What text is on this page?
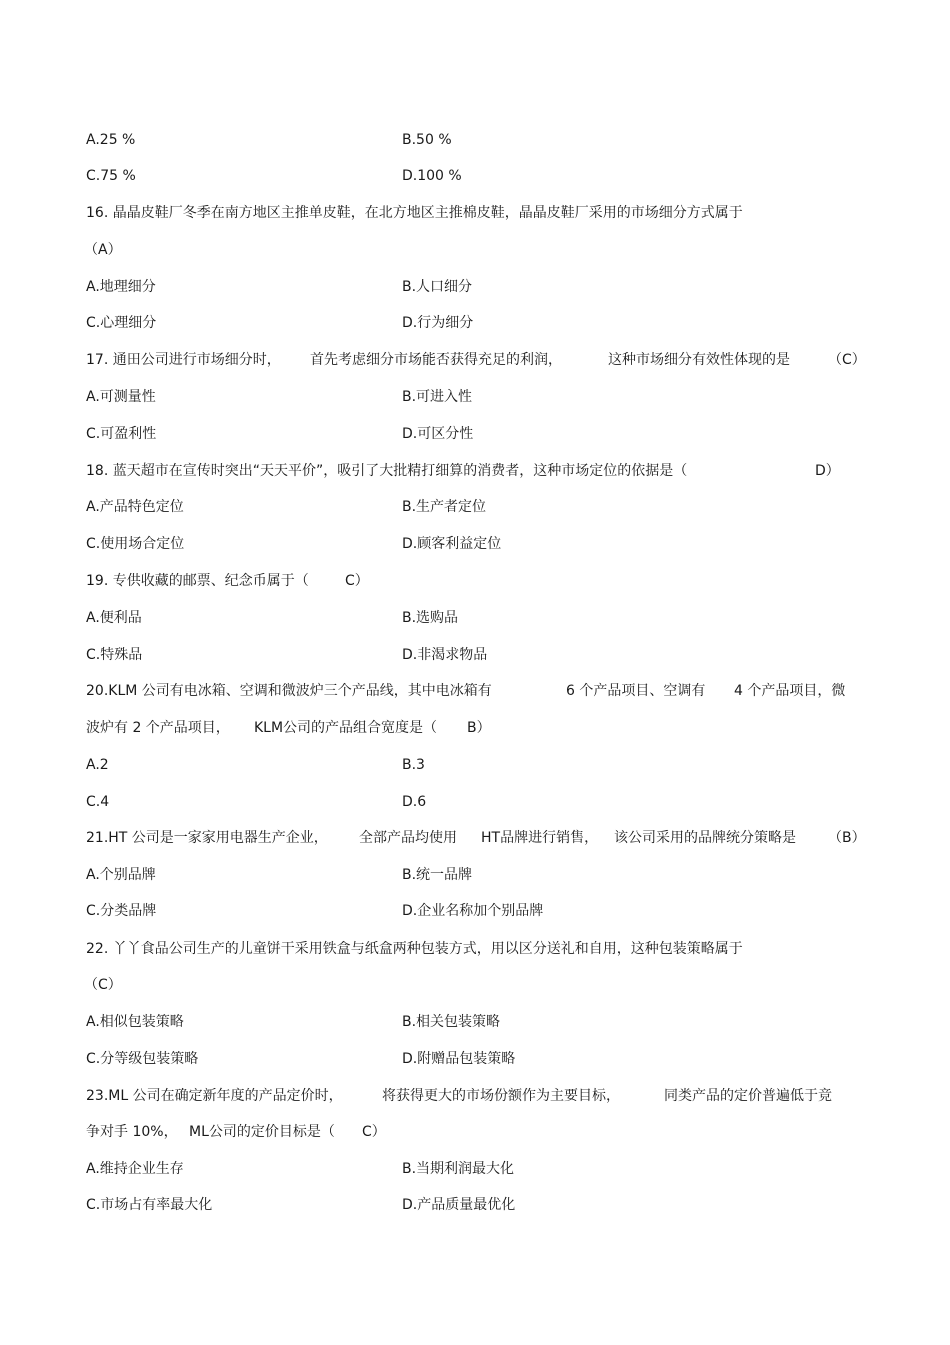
A.25 %	B.50 %
C.75 %	D.100 %
16. 晶晶皮鞋厂冬季在南方地区主推单皮鞋，在北方地区主推棉皮鞋，晶晶皮鞋厂采用的市场细分方式属于
（A）
A.地理细分	B.人口细分
C.心理细分	D.行为细分
17. 通田公司进行市场细分时， 首先考虑细分市场能否获得充足的利润，	这种市场细分有效性体现的是	（C）
A.可测量性	B.可进入性
C.可盈利性	D.可区分性
18. 蓝天超市在宣传时突出“天天平价”，吸引了大批精打细算的消费者，这种市场定位的依据是（	D）
A.产品特色定位	B.生产者定位
C.使用场合定位	D.顾客利益定位
19. 专供收藏的邮票、纪念币属于（	C）
A.便利品	B.选购品
C.特殊品	D.非渴求物品
20.KLM 公司有电冰箱、空调和微波炉三个产品线，其中电冰箱有	6 个产品项目、空调有 4 个产品项目，微
波炉有 2 个产品项目， KLM公司的产品组合宽度是（ B）
A.2	B.3
C.4	D.6
21.HT 公司是一家家用电器生产企业， 全部产品均使用 HT品牌进行销售， 该公司采用的品牌统分策略是 （B）
A.个别品牌	B.统一品牌
C.分类品牌	D.企业名称加个别品牌
22. 丫丫食品公司生产的儿童饼干采用铁盒与纸盒两种包装方式，用以区分送礼和自用，这种包装策略属于
（C）
A.相似包装策略	B.相关包装策略
C.分等级包装策略	D.附赠品包装策略
23.ML 公司在确定新年度的产品定价时，	将获得更大的市场份额作为主要目标，	同类产品的定价普遍低于竞
争对手 10%， ML公司的定价目标是（ C）
A.维持企业生存	B.当期利润最大化
C.市场占有率最大化	D.产品质量最优化
